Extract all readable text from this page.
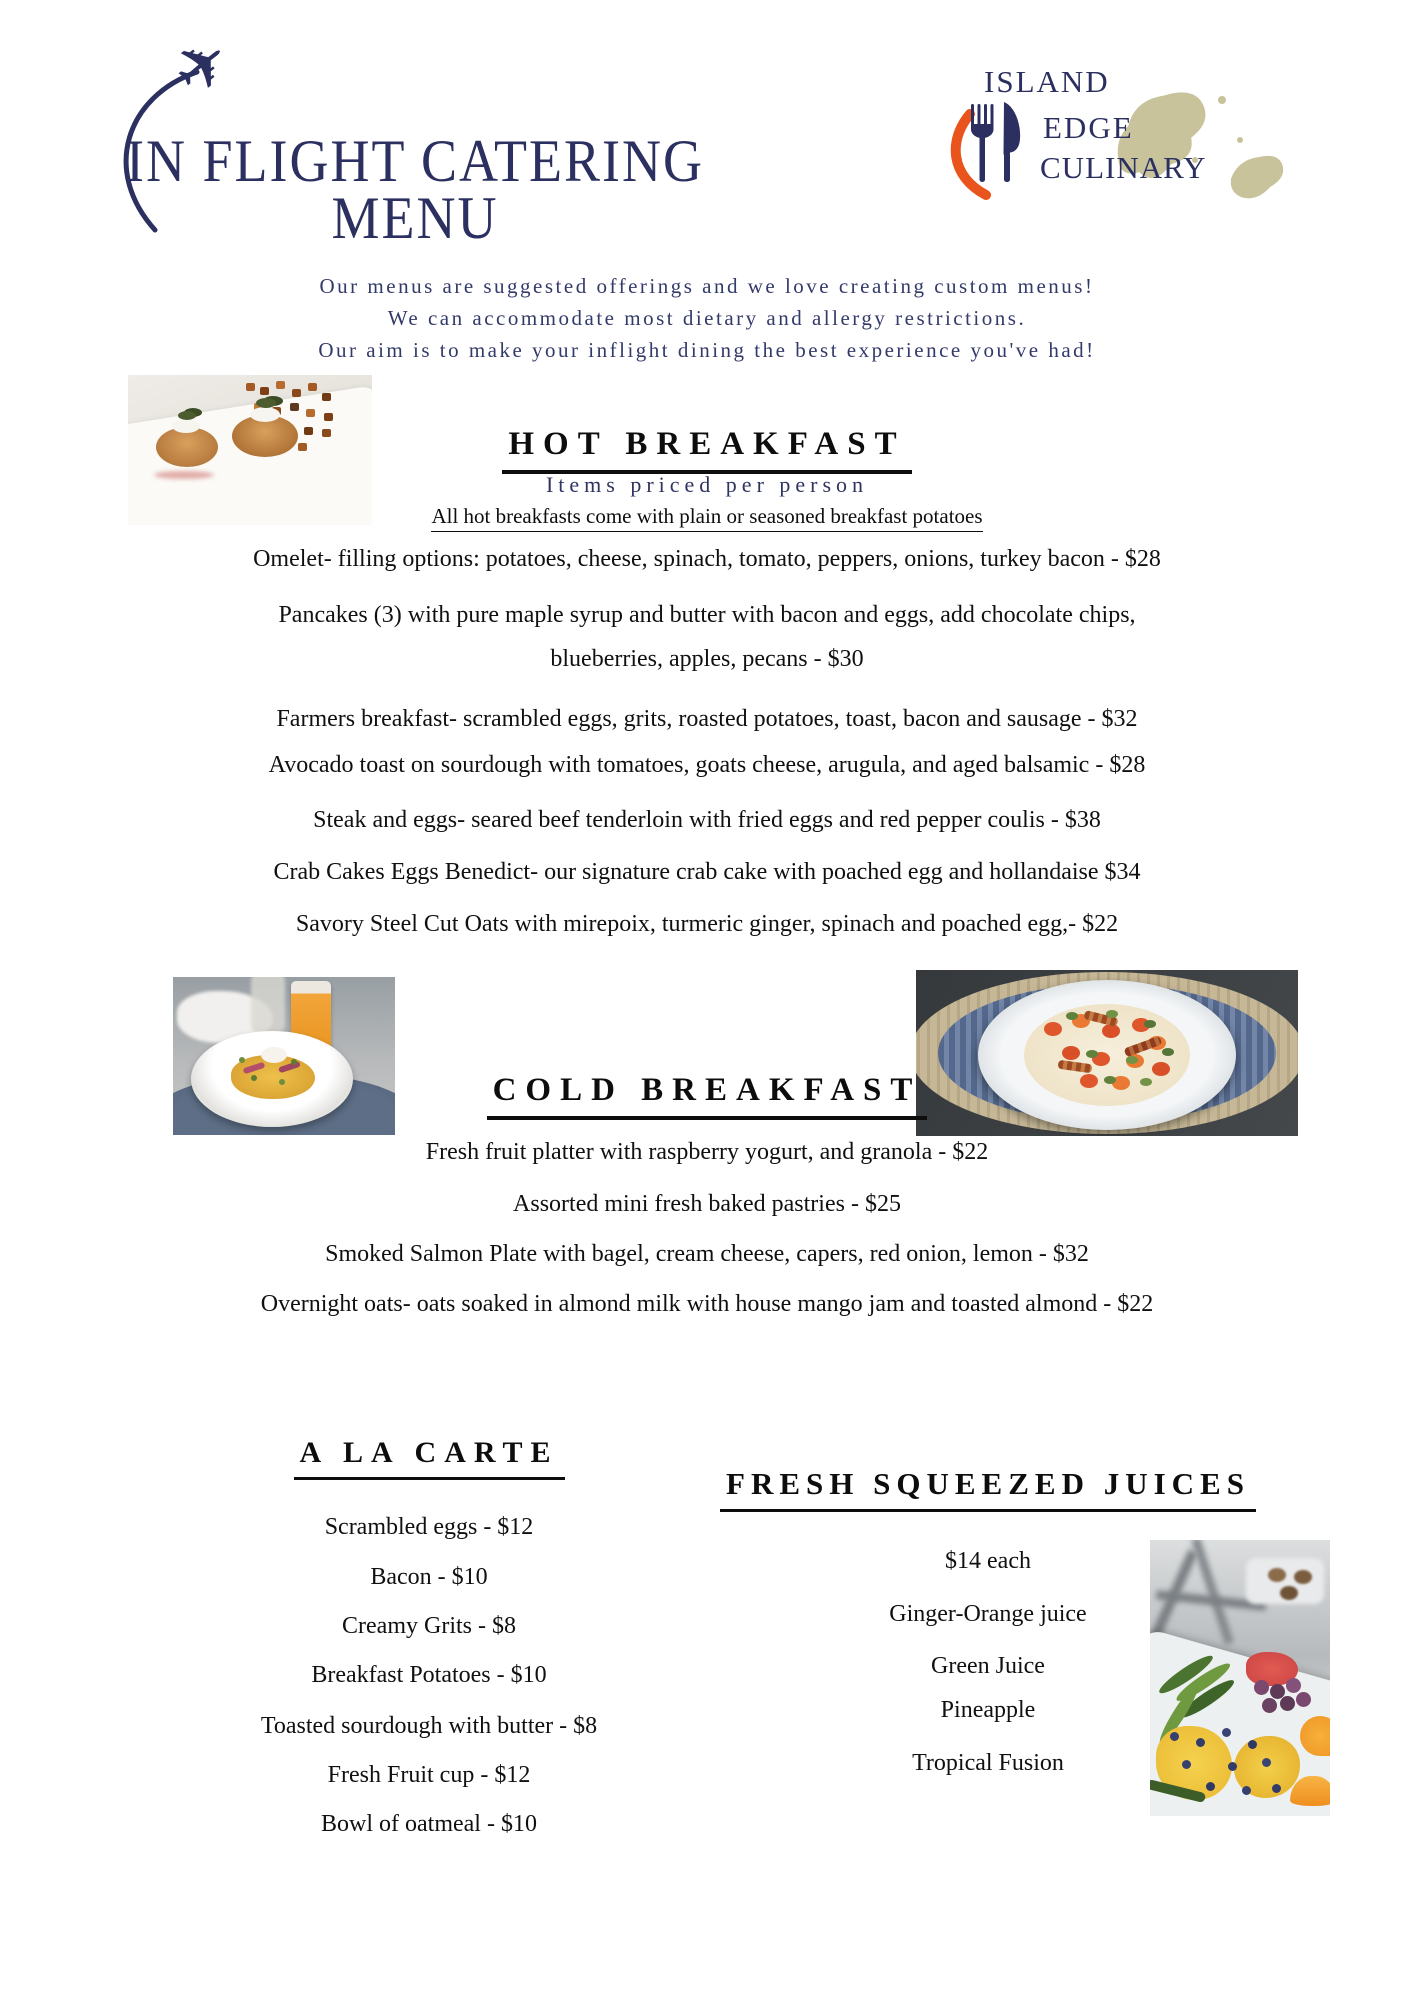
✈
IN FLIGHT CATERING
MENU
ISLAND
EDGE
CULINARY
Our menus are suggested offerings and we love creating custom menus!
We can accommodate most dietary and allergy restrictions.
Our aim is to make your inflight dining the best experience you've had!
HOT BREAKFAST
Items priced per person
All hot breakfasts come with plain or seasoned breakfast potatoes
Omelet- filling options: potatoes, cheese, spinach, tomato, peppers, onions, turkey bacon - $28
Pancakes (3) with pure maple syrup and butter with bacon and eggs, add chocolate chips,
blueberries, apples, pecans - $30
Farmers breakfast- scrambled eggs, grits, roasted potatoes, toast, bacon and sausage - $32
Avocado toast on sourdough with tomatoes, goats cheese, arugula, and aged balsamic - $28
Steak and eggs- seared beef tenderloin with fried eggs and red pepper coulis - $38
Crab Cakes Eggs Benedict- our signature crab cake with poached egg and hollandaise $34
Savory Steel Cut Oats with mirepoix, turmeric ginger, spinach and poached egg,- $22
COLD BREAKFAST
Fresh fruit platter with raspberry yogurt, and granola - $22
Assorted mini fresh baked pastries - $25
Smoked Salmon Plate with bagel, cream cheese, capers, red onion, lemon - $32
Overnight oats- oats soaked in almond milk with house mango jam and toasted almond - $22
A LA CARTE
Scrambled eggs - $12
Bacon - $10
Creamy Grits - $8
Breakfast Potatoes - $10
Toasted sourdough with butter - $8
Fresh Fruit cup - $12
Bowl of oatmeal - $10
FRESH SQUEEZED JUICES
$14 each
Ginger-Orange juice
Green Juice
Pineapple
Tropical Fusion
